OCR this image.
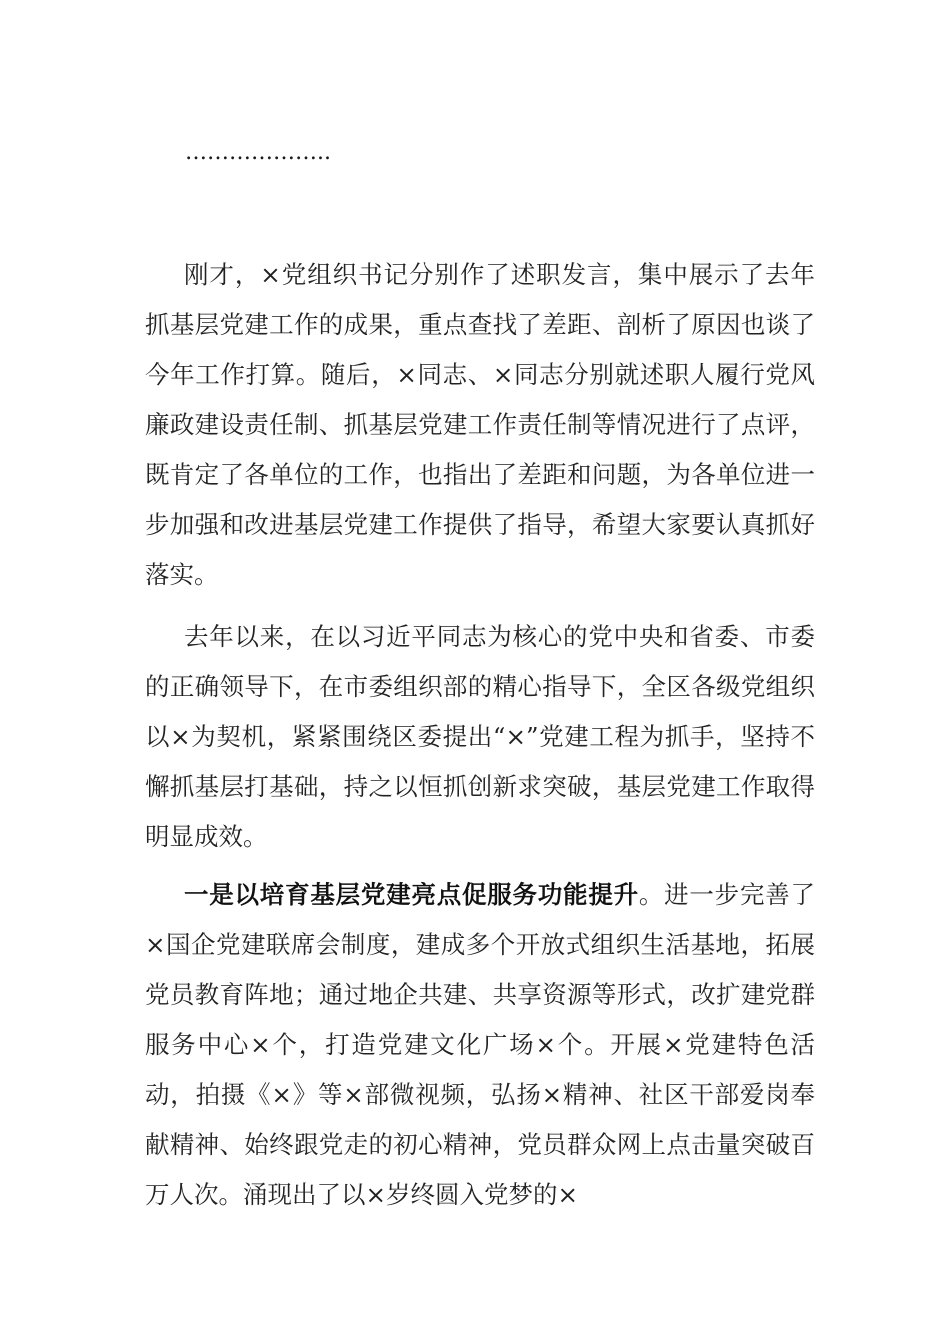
………………..

刚才，×党组织书记分别作了述职发言，集中展示了去年抓基层党建工作的成果，重点查找了差距、剖析了原因也谈了今年工作打算。随后，×同志、×同志分别就述职人履行党风廉政建设责任制、抓基层党建工作责任制等情况进行了点评，既肯定了各单位的工作，也指出了差距和问题，为各单位进一步加强和改进基层党建工作提供了指导，希望大家要认真抓好落实。

去年以来，在以习近平同志为核心的党中央和省委、市委的正确领导下，在市委组织部的精心指导下，全区各级党组织以×为契机，紧紧围绕区委提出“×”党建工程为抓手，坚持不懈抓基层打基础，持之以恒抓创新求突破，基层党建工作取得明显成效。

一是以培育基层党建亮点促服务功能提升。进一步完善了×国企党建联席会制度，建成多个开放式组织生活基地，拓展党员教育阵地；通过地企共建、共享资源等形式，改扩建党群服务中心×个，打造党建文化广场×个。开展×党建特色活动，拍摄《×》等×部微视频，弘扬×精神、社区干部爱岗奉献精神、始终跟党走的初心精神，党员群众网上点击量突破百万人次。涌现出了以×岁终圆入党梦的×
